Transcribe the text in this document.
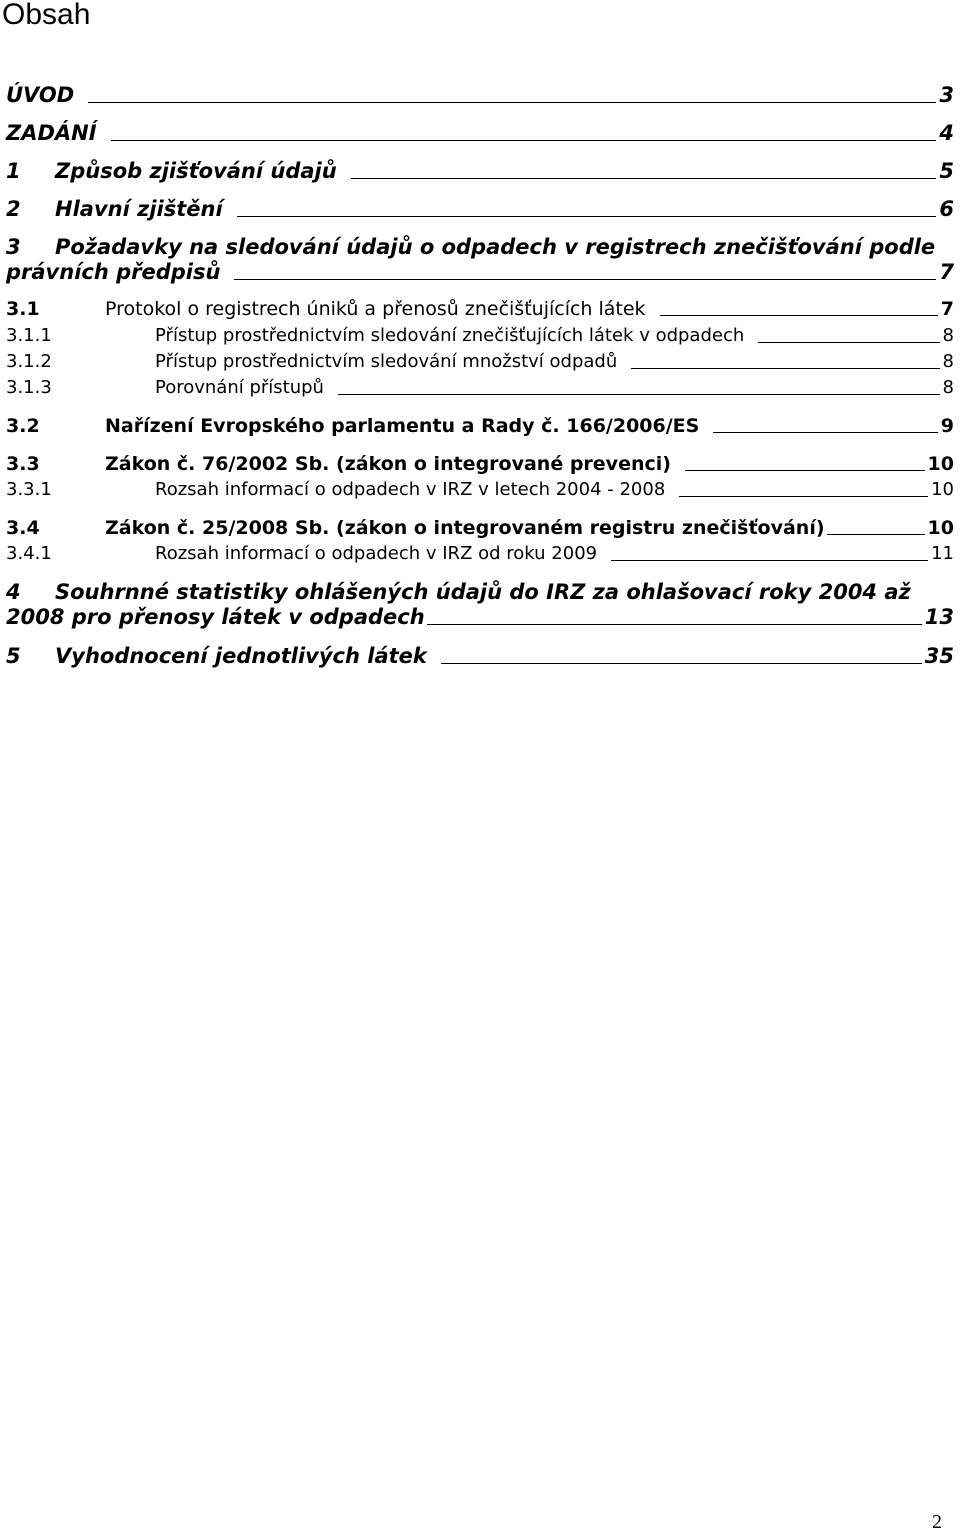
Obsah
ÚVOD	3
ZADÁNÍ	4
1	Způsob zjišťování údajů	5
2	Hlavní zjištění	6
3 Požadavky na sledování údajů o odpadech v registrech znečišťování podle
právních předpisů	7
3.1	Protokol o registrech úniků a přenosů znečišťujících látek	7
3.1.1	Přístup prostřednictvím sledování znečišťujících látek v odpadech	8
3.1.2	Přístup prostřednictvím sledování množství odpadů	8
3.1.3	Porovnání přístupů	8
3.2	Nařízení Evropského parlamentu a Rady č. 166/2006/ES	9
3.3	Zákon č. 76/2002 Sb. (zákon o integrované prevenci)	10
3.3.1	Rozsah informací o odpadech v IRZ v letech 2004 - 2008	10
3.4	Zákon č. 25/2008 Sb. (zákon o integrovaném registru znečišťování)	10
3.4.1	Rozsah informací o odpadech v IRZ od roku 2009	11
4 Souhrnné statistiky ohlášených údajů do IRZ za ohlašovací roky 2004 až
2008 pro přenosy látek v odpadech	13
5	Vyhodnocení jednotlivých látek	35
2
